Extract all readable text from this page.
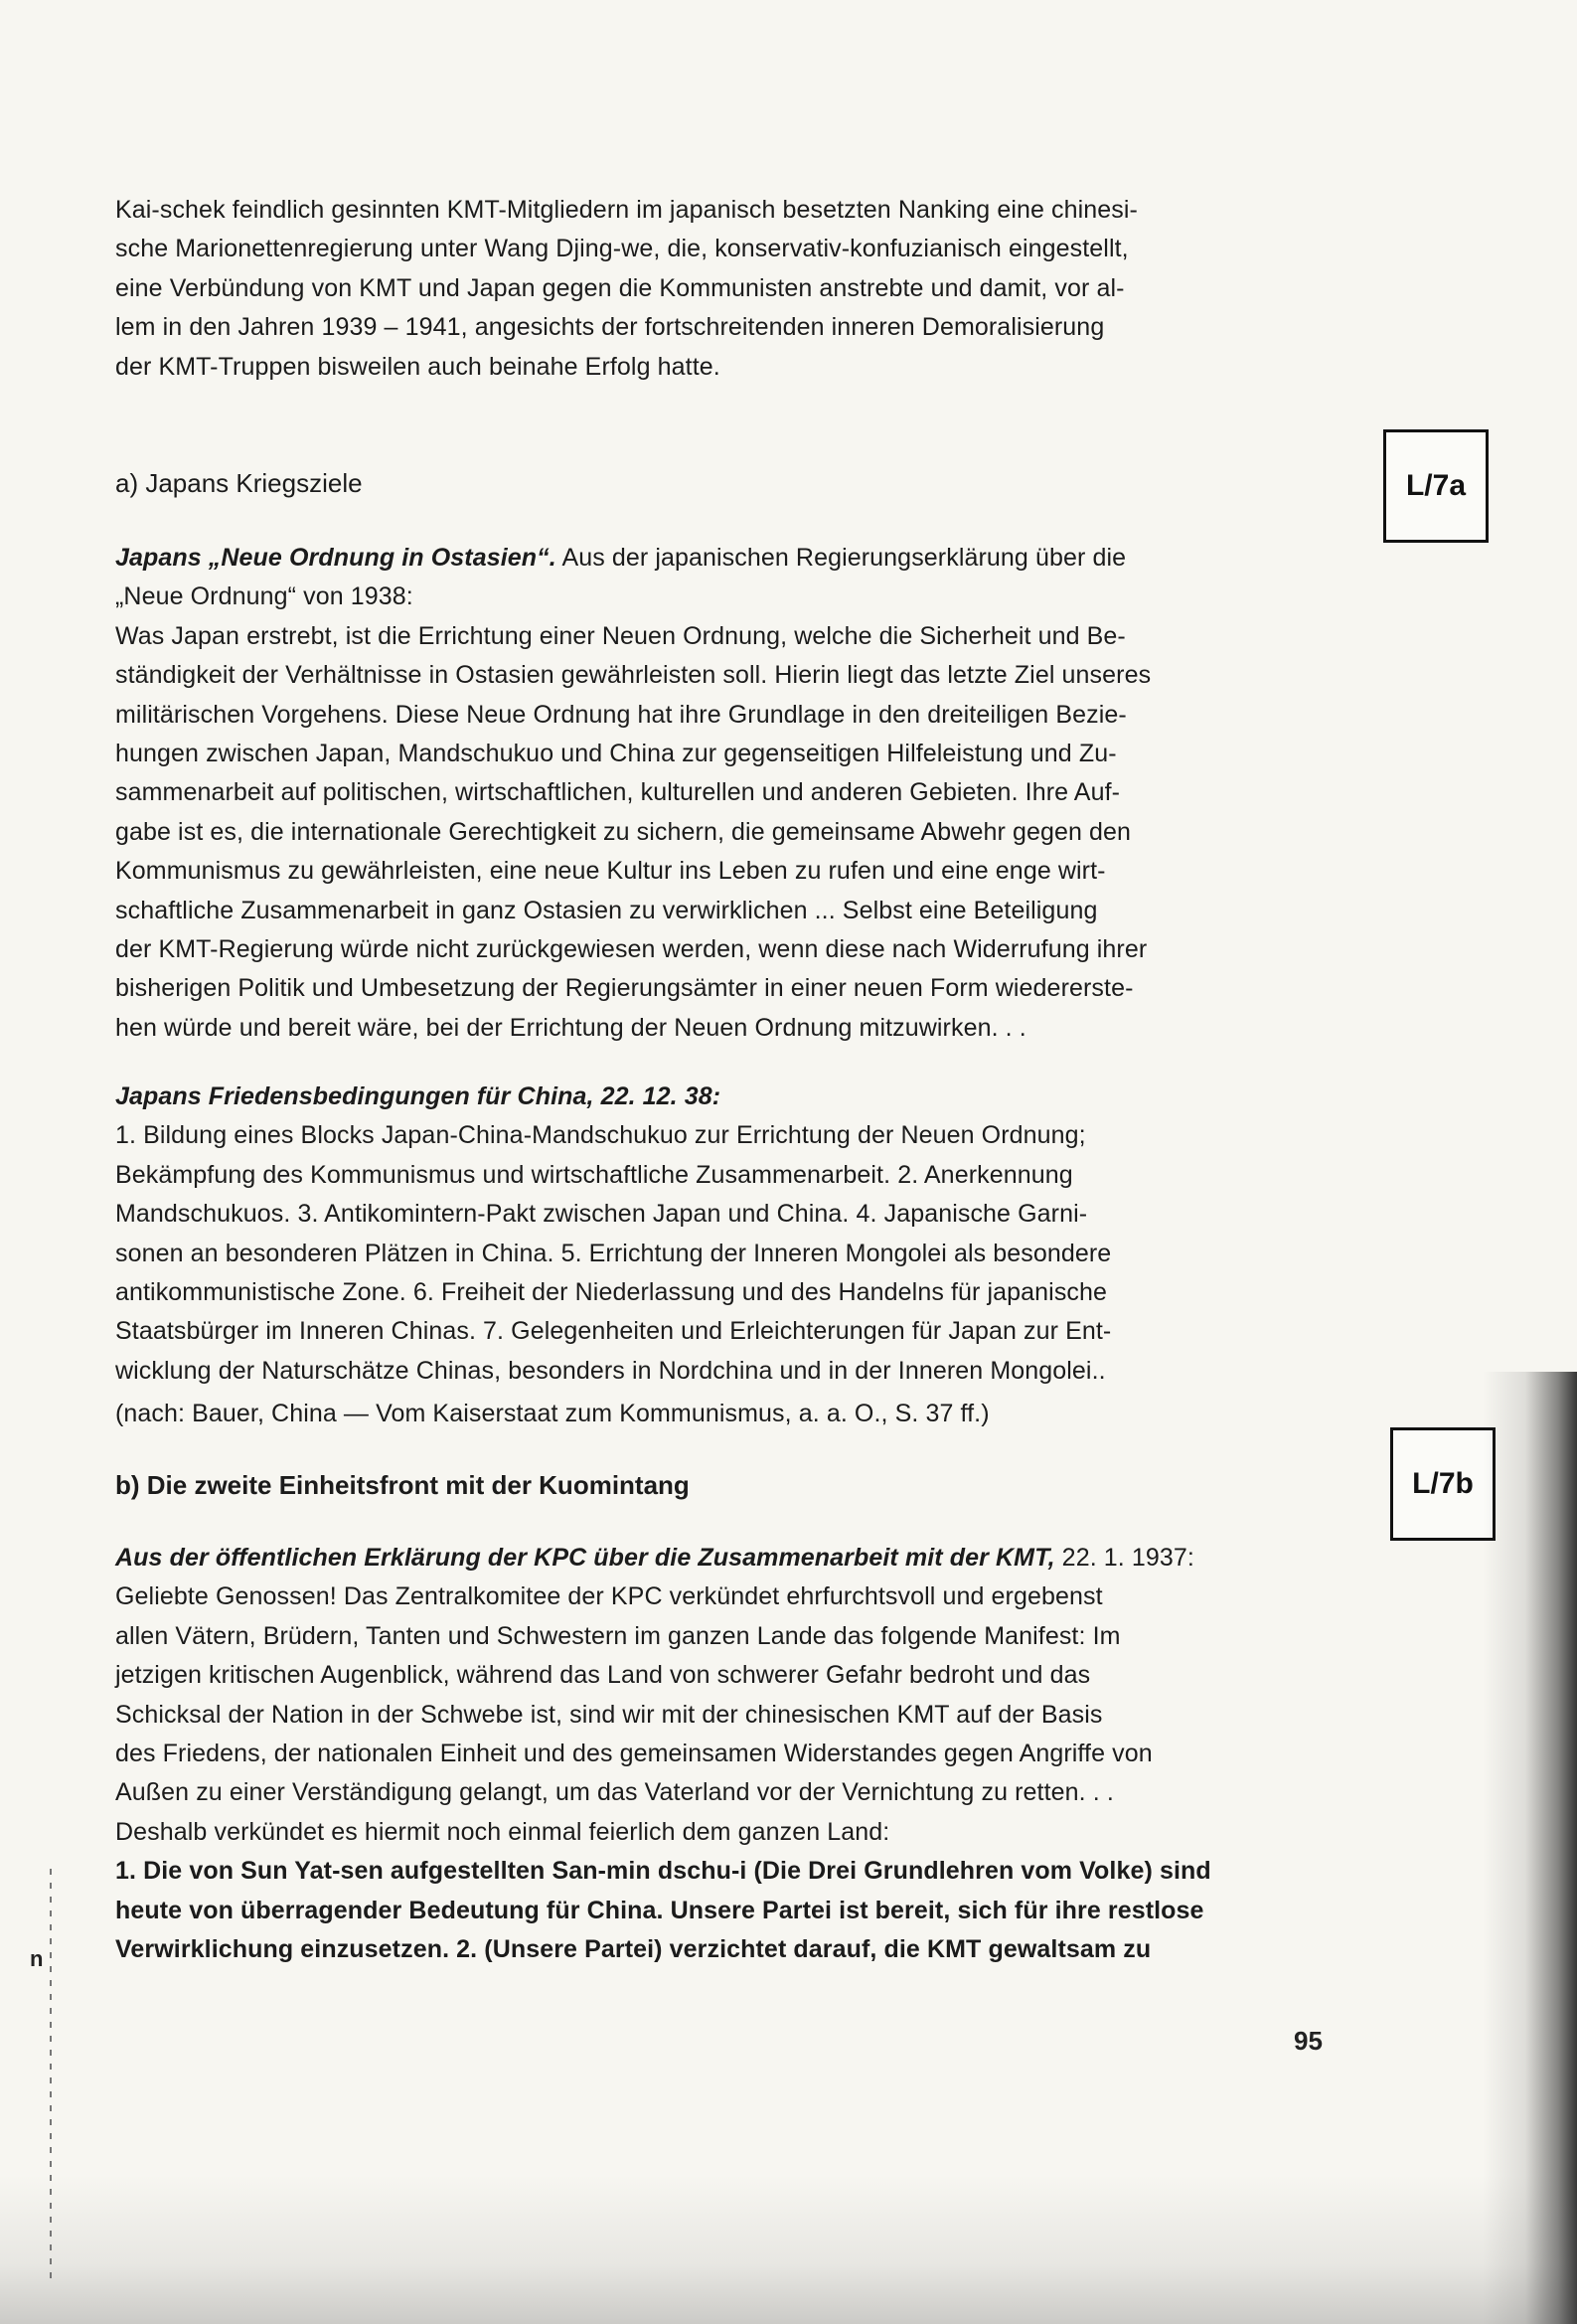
Kai-schek feindlich gesinnten KMT-Mitgliedern im japanisch besetzten Nanking eine chinesi-
sche Marionettenregierung unter Wang Djing-we, die, konservativ-konfuzianisch eingestellt,
eine Verbündung von KMT und Japan gegen die Kommunisten anstrebte und damit, vor al-
lem in den Jahren 1939 – 1941, angesichts der fortschreitenden inneren Demoralisierung
der KMT-Truppen bisweilen auch beinahe Erfolg hatte.
a) Japans Kriegsziele	L/7a
Japans „Neue Ordnung in Ostasien“. Aus der japanischen Regierungserklärung über die
„Neue Ordnung“ von 1938:
Was Japan erstrebt, ist die Errichtung einer Neuen Ordnung, welche die Sicherheit und Be-
ständigkeit der Verhältnisse in Ostasien gewährleisten soll. Hierin liegt das letzte Ziel unseres
militärischen Vorgehens. Diese Neue Ordnung hat ihre Grundlage in den dreiteiligen Bezie-
hungen zwischen Japan, Mandschukuo und China zur gegenseitigen Hilfeleistung und Zu-
sammenarbeit auf politischen, wirtschaftlichen, kulturellen und anderen Gebieten. Ihre Auf-
gabe ist es, die internationale Gerechtigkeit zu sichern, die gemeinsame Abwehr gegen den
Kommunismus zu gewährleisten, eine neue Kultur ins Leben zu rufen und eine enge wirt-
schaftliche Zusammenarbeit in ganz Ostasien zu verwirklichen ... Selbst eine Beteiligung
der KMT-Regierung würde nicht zurückgewiesen werden, wenn diese nach Widerrufung ihrer
bisherigen Politik und Umbesetzung der Regierungsämter in einer neuen Form wiedererste-
hen würde und bereit wäre, bei der Errichtung der Neuen Ordnung mitzuwirken. . .
Japans Friedensbedingungen für China, 22. 12. 38:
1. Bildung eines Blocks Japan-China-Mandschukuo zur Errichtung der Neuen Ordnung;
Bekämpfung des Kommunismus und wirtschaftliche Zusammenarbeit. 2. Anerkennung
Mandschukuos. 3. Antikomintern-Pakt zwischen Japan und China. 4. Japanische Garni-
sonen an besonderen Plätzen in China. 5. Errichtung der Inneren Mongolei als besondere
antikommunistische Zone. 6. Freiheit der Niederlassung und des Handelns für japanische
Staatsbürger im Inneren Chinas. 7. Gelegenheiten und Erleichterungen für Japan zur Ent-
wicklung der Naturschätze Chinas, besonders in Nordchina und in der Inneren Mongolei..
(nach: Bauer, China — Vom Kaiserstaat zum Kommunismus, a. a. O., S. 37 ff.)
b) Die zweite Einheitsfront mit der Kuomintang	L/7b
Aus der öffentlichen Erklärung der KPC über die Zusammenarbeit mit der KMT, 22. 1. 1937:
Geliebte Genossen! Das Zentralkomitee der KPC verkündet ehrfurchtsvoll und ergebenst
allen Vätern, Brüdern, Tanten und Schwestern im ganzen Lande das folgende Manifest: Im
jetzigen kritischen Augenblick, während das Land von schwerer Gefahr bedroht und das
Schicksal der Nation in der Schwebe ist, sind wir mit der chinesischen KMT auf der Basis
des Friedens, der nationalen Einheit und des gemeinsamen Widerstandes gegen Angriffe von
Außen zu einer Verständigung gelangt, um das Vaterland vor der Vernichtung zu retten. . .
Deshalb verkündet es hiermit noch einmal feierlich dem ganzen Land:
1. Die von Sun Yat-sen aufgestellten San-min dschu-i (Die Drei Grundlehren vom Volke) sind
heute von überragender Bedeutung für China. Unsere Partei ist bereit, sich für ihre restlose
Verwirklichung einzusetzen. 2. (Unsere Partei) verzichtet darauf, die KMT gewaltsam zu
95
n
